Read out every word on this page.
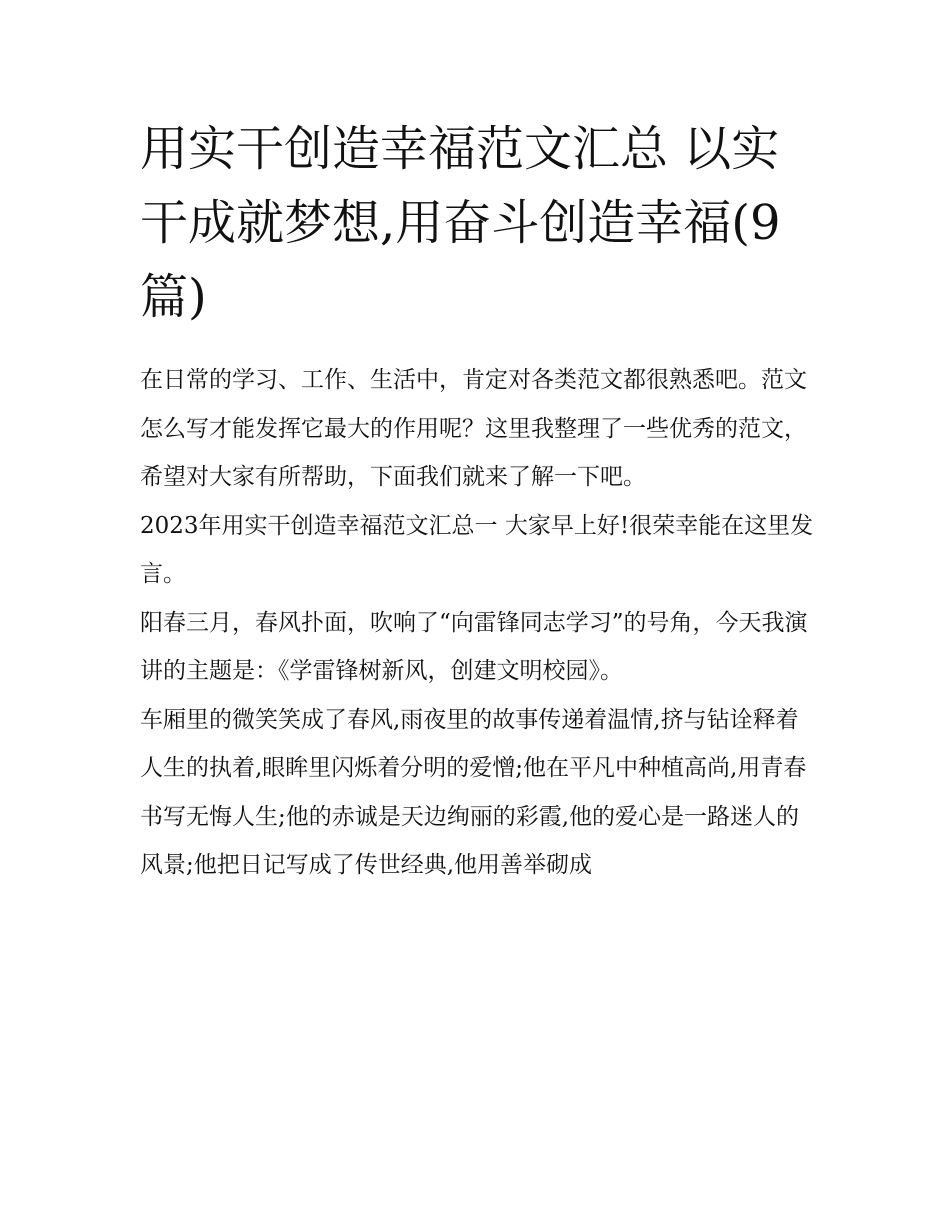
用实干创造幸福范文汇总 以实干成就梦想,用奋斗创造幸福(9篇)

在日常的学习、工作、生活中，肯定对各类范文都很熟悉吧。范文怎么写才能发挥它最大的作用呢？这里我整理了一些优秀的范文，希望对大家有所帮助，下面我们就来了解一下吧。

2023年用实干创造幸福范文汇总一 大家早上好!很荣幸能在这里发言。

阳春三月，春风扑面，吹响了“向雷锋同志学习”的号角，今天我演讲的主题是：《学雷锋树新风，创建文明校园》。

车厢里的微笑笑成了春风,雨夜里的故事传递着温情,挤与钻诠释着人生的执着,眼眸里闪烁着分明的爱憎;他在平凡中种植高尚,用青春书写无悔人生;他的赤诚是天边绚丽的彩霞,他的爱心是一路迷人的风景;他把日记写成了传世经典,他用善举砌成
